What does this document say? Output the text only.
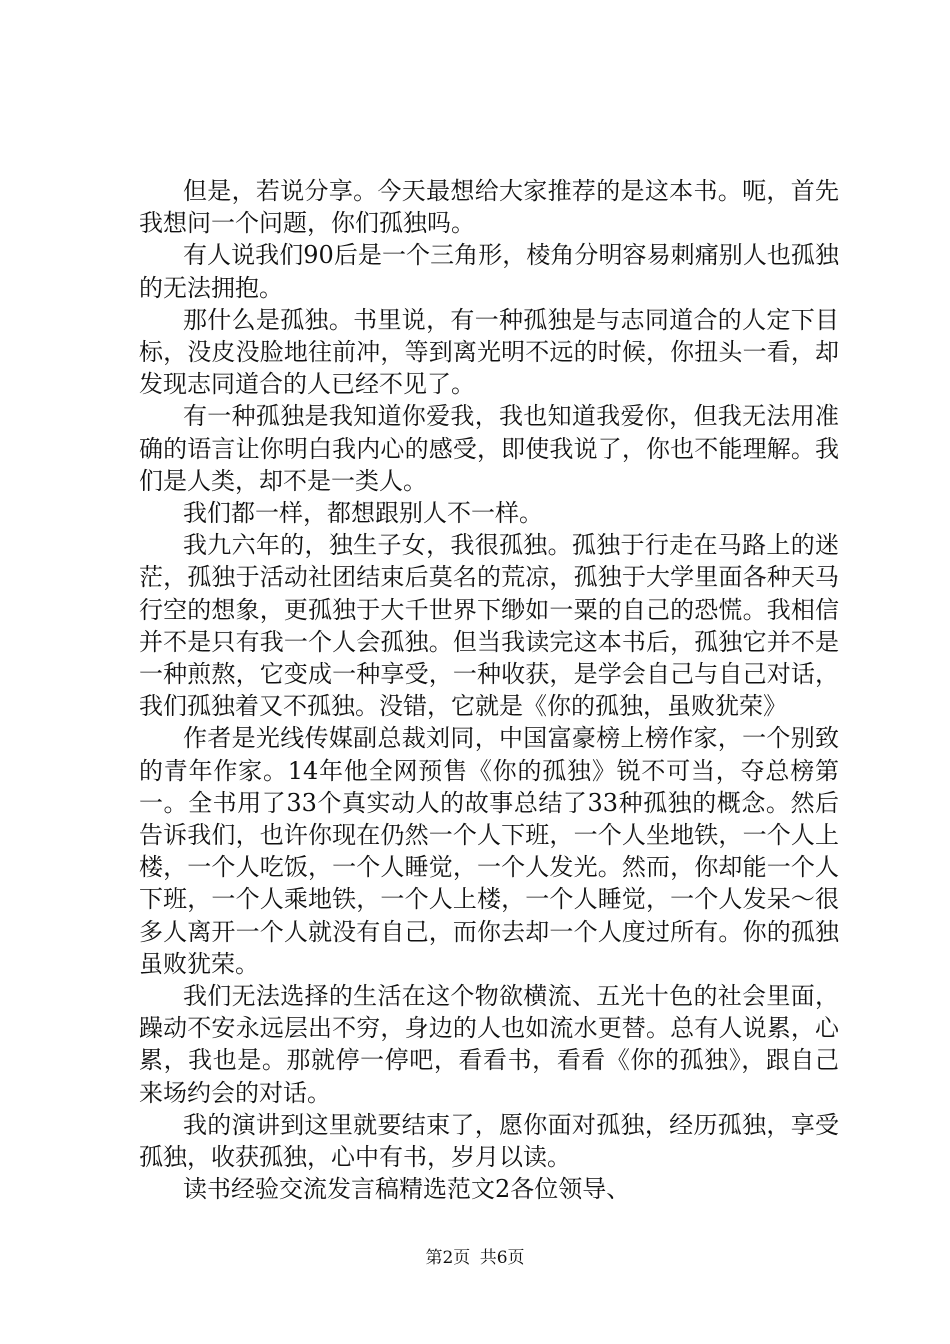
但是，若说分享。今天最想给大家推荐的是这本书。呃，首先我想问一个问题，你们孤独吗。

有人说我们90后是一个三角形，棱角分明容易刺痛别人也孤独的无法拥抱。

那什么是孤独。书里说，有一种孤独是与志同道合的人定下目标，没皮没脸地往前冲，等到离光明不远的时候，你扭头一看，却发现志同道合的人已经不见了。

有一种孤独是我知道你爱我，我也知道我爱你，但我无法用准确的语言让你明白我内心的感受，即使我说了，你也不能理解。我们是人类，却不是一类人。

我们都一样，都想跟别人不一样。

我九六年的，独生子女，我很孤独。孤独于行走在马路上的迷茫，孤独于活动社团结束后莫名的荒凉，孤独于大学里面各种天马行空的想象，更孤独于大千世界下缈如一粟的自己的恐慌。我相信并不是只有我一个人会孤独。但当我读完这本书后，孤独它并不是一种煎熬，它变成一种享受，一种收获，是学会自己与自己对话，我们孤独着又不孤独。没错，它就是《你的孤独，虽败犹荣》

作者是光线传媒副总裁刘同，中国富豪榜上榜作家，一个别致的青年作家。14年他全网预售《你的孤独》锐不可当，夺总榜第一。全书用了33个真实动人的故事总结了33种孤独的概念。然后告诉我们，也许你现在仍然一个人下班，一个人坐地铁，一个人上楼，一个人吃饭，一个人睡觉，一个人发光。然而，你却能一个人下班，一个人乘地铁，一个人上楼，一个人睡觉，一个人发呆～很多人离开一个人就没有自己，而你去却一个人度过所有。你的孤独虽败犹荣。

我们无法选择的生活在这个物欲横流、五光十色的社会里面，躁动不安永远层出不穷，身边的人也如流水更替。总有人说累，心累，我也是。那就停一停吧，看看书，看看《你的孤独》，跟自己来场约会的对话。

我的演讲到这里就要结束了，愿你面对孤独，经历孤独，享受孤独，收获孤独，心中有书，岁月以读。

读书经验交流发言稿精选范文2各位领导、

第2页 共6页
